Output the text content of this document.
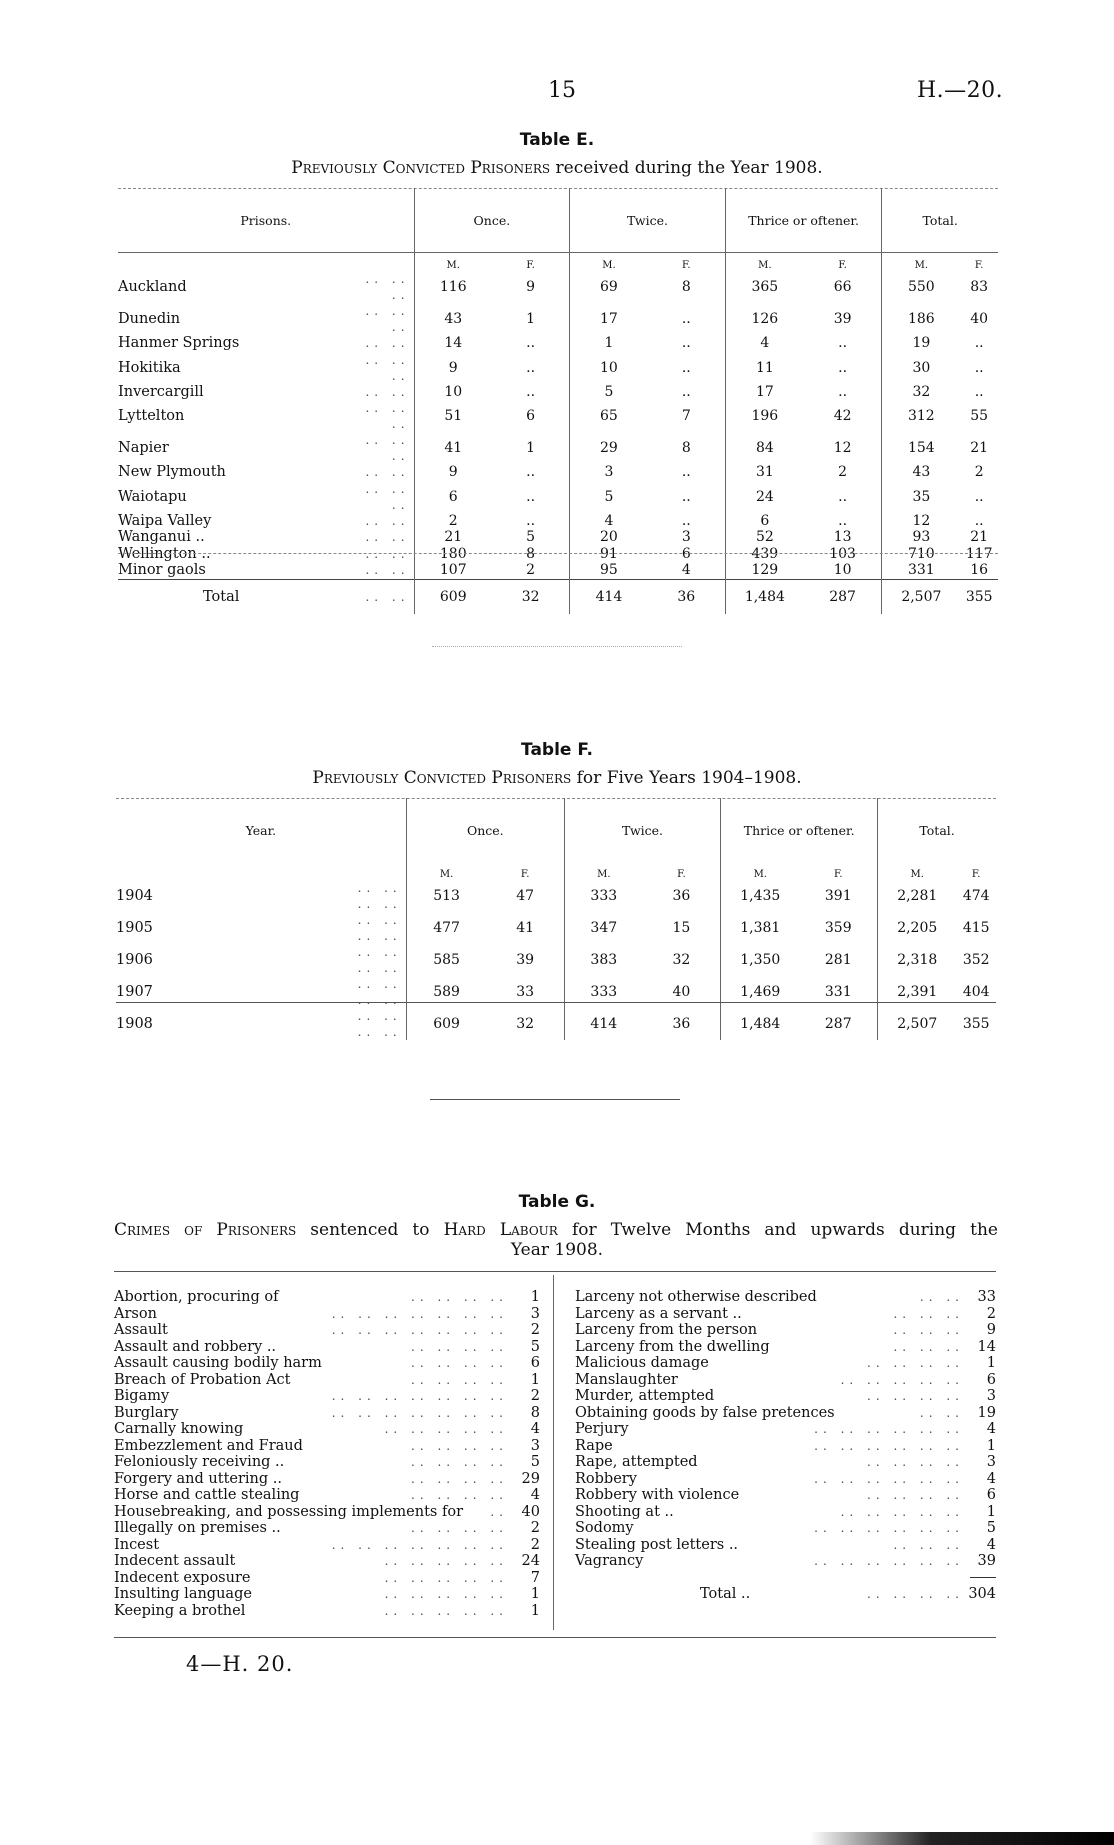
15	H.—20.
Table E.
Previously Convicted Prisoners received during the Year 1908.
Prisons.		Once.		Twice.		Thrice or oftener.		Total.	
		M.	F.	M.	F.	M.	F.	M.	F.
Auckland	.. .. ..	116	9	69	8	365	66	550	83
Dunedin	.. .. ..	43	1	17	..	126	39	186	40
Hanmer Springs	.. ..	14	..	1	..	4	..	19	..
Hokitika	.. .. ..	9	..	10	..	11	..	30	..
Invercargill	.. ..	10	..	5	..	17	..	32	..
Lyttelton	.. .. ..	51	6	65	7	196	42	312	55
Napier	.. .. ..	41	1	29	8	84	12	154	21
New Plymouth	.. ..	9	..	3	..	31	2	43	2
Waiotapu	.. .. ..	6	..	5	..	24	..	35	..
Waipa Valley	.. ..	2	..	4	..	6	..	12	..
Wanganui ..	.. ..	21	5	20	3	52	13	93	21
Wellington ..	.. ..	180	8	91	6	439	103	710	117
Minor gaols	.. ..	107	2	95	4	129	10	331	16
Total	.. ..	609	32	414	36	1,484	287	2,507	355
Table F.
Previously Convicted Prisoners for Five Years 1904–1908.
Year.		Once.		Twice.		Thrice or oftener.		Total.	
		M.	F.	M.	F.	M.	F.	M.	F.
1904	.. .. .. ..	513	47	333	36	1,435	391	2,281	474
1905	.. .. .. ..	477	41	347	15	1,381	359	2,205	415
1906	.. .. .. ..	585	39	383	32	1,350	281	2,318	352
1907	.. .. .. ..	589	33	333	40	1,469	331	2,391	404
1908	.. .. .. ..	609	32	414	36	1,484	287	2,507	355
Table G.
Crimes of Prisoners sentenced to Hard Labour for Twelve Months and upwards during the
Year 1908.
Abortion, procuring of	.. .. .. ..	1
Arson	.. .. .. .. .. .. ..	3
Assault	.. .. .. .. .. .. ..	2
Assault and robbery ..	.. .. .. ..	5
Assault causing bodily harm	.. .. .. ..	6
Breach of Probation Act	.. .. .. ..	1
Bigamy	.. .. .. .. .. .. ..	2
Burglary	.. .. .. .. .. .. ..	8
Carnally knowing	.. .. .. .. ..	4
Embezzlement and Fraud	.. .. .. ..	3
Feloniously receiving ..	.. .. .. ..	5
Forgery and uttering ..	.. .. .. .. 29
Horse and cattle stealing	.. .. .. ..	4
Housebreaking, and possessing implements for	.. 40
Illegally on premises ..	.. .. .. ..	2
Incest	.. .. .. .. .. .. ..	2
Indecent assault	.. .. .. .. .. 24
Indecent exposure	.. .. .. .. ..	7
Insulting language	.. .. .. .. ..	1
Keeping a brothel	.. .. .. .. ..	1
Larceny not otherwise described	.. .. 33
Larceny as a servant ..	.. .. ..	2
Larceny from the person	.. .. ..	9
Larceny from the dwelling	.. .. .. 14
Malicious damage	.. .. .. ..	1
Manslaughter	.. .. .. .. ..	6
Murder, attempted	.. .. .. ..	3
Obtaining goods by false pretences	.. .. 19
Perjury	.. .. .. .. .. ..	4
Rape	.. .. .. .. .. ..	1
Rape, attempted	.. .. .. ..	3
Robbery	.. .. .. .. .. ..	4
Robbery with violence	.. .. .. ..	6
Shooting at ..	.. .. .. .. ..	1
Sodomy	.. .. .. .. .. ..	5
Stealing post letters ..	.. .. ..	4
Vagrancy	.. .. .. .. .. .. 39
Total ..	.. .. .. .. 304
4—H. 20.
